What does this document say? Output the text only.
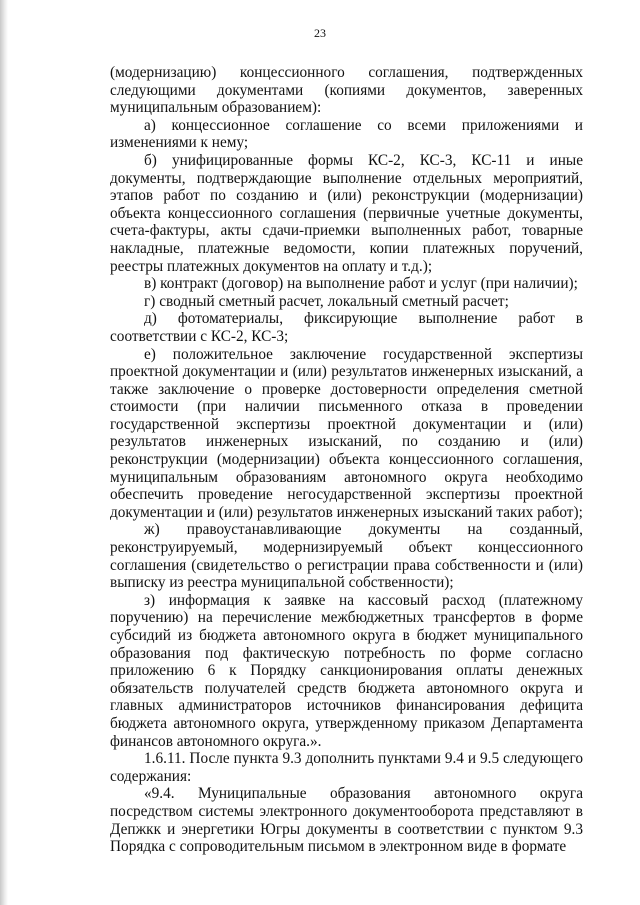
23

(модернизацию) концессионного соглашения, подтвержденных следующими документами (копиями документов, заверенных муниципальным образованием):

а) концессионное соглашение со всеми приложениями и изменениями к нему;

б) унифицированные формы КС-2, КС-3, КС-11 и иные документы, подтверждающие выполнение отдельных мероприятий, этапов работ по созданию и (или) реконструкции (модернизации) объекта концессионного соглашения (первичные учетные документы, счета-фактуры, акты сдачи-приемки выполненных работ, товарные накладные, платежные ведомости, копии платежных поручений, реестры платежных документов на оплату и т.д.);

в) контракт (договор) на выполнение работ и услуг (при наличии);

г) сводный сметный расчет, локальный сметный расчет;

д) фотоматериалы, фиксирующие выполнение работ в соответствии с КС-2, КС-3;

е) положительное заключение государственной экспертизы проектной документации и (или) результатов инженерных изысканий, а также заключение о проверке достоверности определения сметной стоимости (при наличии письменного отказа в проведении государственной экспертизы проектной документации и (или) результатов инженерных изысканий, по созданию и (или) реконструкции (модернизации) объекта концессионного соглашения, муниципальным образованиям автономного округа необходимо обеспечить проведение негосударственной экспертизы проектной документации и (или) результатов инженерных изысканий таких работ);

ж) правоустанавливающие документы на созданный, реконструируемый, модернизируемый объект концессионного соглашения (свидетельство о регистрации права собственности и (или) выписку из реестра муниципальной собственности);

з) информация к заявке на кассовый расход (платежному поручению) на перечисление межбюджетных трансфертов в форме субсидий из бюджета автономного округа в бюджет муниципального образования под фактическую потребность по форме согласно приложению 6 к Порядку санкционирования оплаты денежных обязательств получателей средств бюджета автономного округа и главных администраторов источников финансирования дефицита бюджета автономного округа, утвержденному приказом Департамента финансов автономного округа.».

1.6.11. После пункта 9.3 дополнить пунктами 9.4 и 9.5 следующего содержания:

«9.4. Муниципальные образования автономного округа посредством системы электронного документооборота представляют в Депжкк и энергетики Югры документы в соответствии с пунктом 9.3 Порядка с сопроводительным письмом в электронном виде в формате
